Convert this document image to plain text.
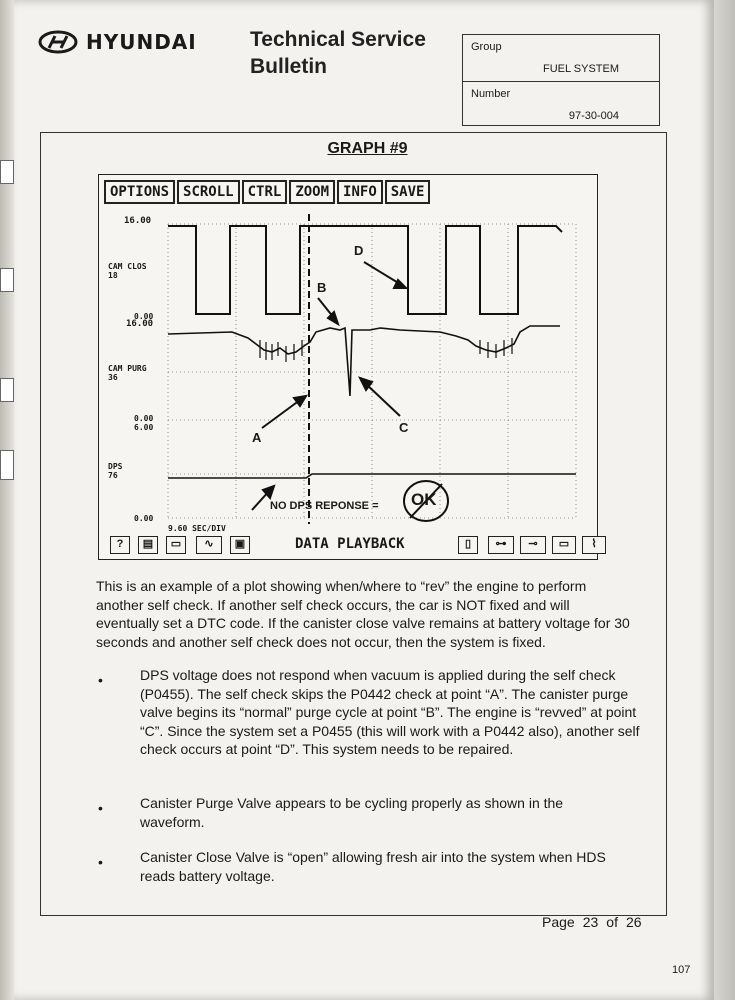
HYUNDAI	Technical Service
Bulletin
Group
FUEL SYSTEM
Number
97-30-004
GRAPH #9
OPTIONS	SCROLL	CTRL	ZOOM	INFO	SAVE
16.00
CAM CLOS
18
0.00
16.00
CAM PURG
36
0.00
6.00
DPS
76
0.00
9.60 SEC/DIV
A
B
C
D
NO DPS REPONSE = OK
?	▤	▭	∿	▣	▯	⊶	⊸	▭	⌇
DATA PLAYBACK
This is an example of a plot showing when/where to “rev” the engine to perform another self check. If another self check occurs, the car is NOT fixed and will eventually set a DTC code. If the canister close valve remains at battery voltage for 30 seconds and another self check does not occur, then the system is fixed.
•	DPS voltage does not respond when vacuum is applied during the self check (P0455). The self check skips the P0442 check at point “A”. The canister purge valve begins its “normal” purge cycle at point “B”. The engine is “revved” at point “C”. Since the system set a P0455 (this will work with a P0442 also), another self check occurs at point “D”. This system needs to be repaired.
•	Canister Purge Valve appears to be cycling properly as shown in the waveform.
•	Canister Close Valve is “open” allowing fresh air into the system when HDS reads battery voltage.
Page 23 of 26
107
